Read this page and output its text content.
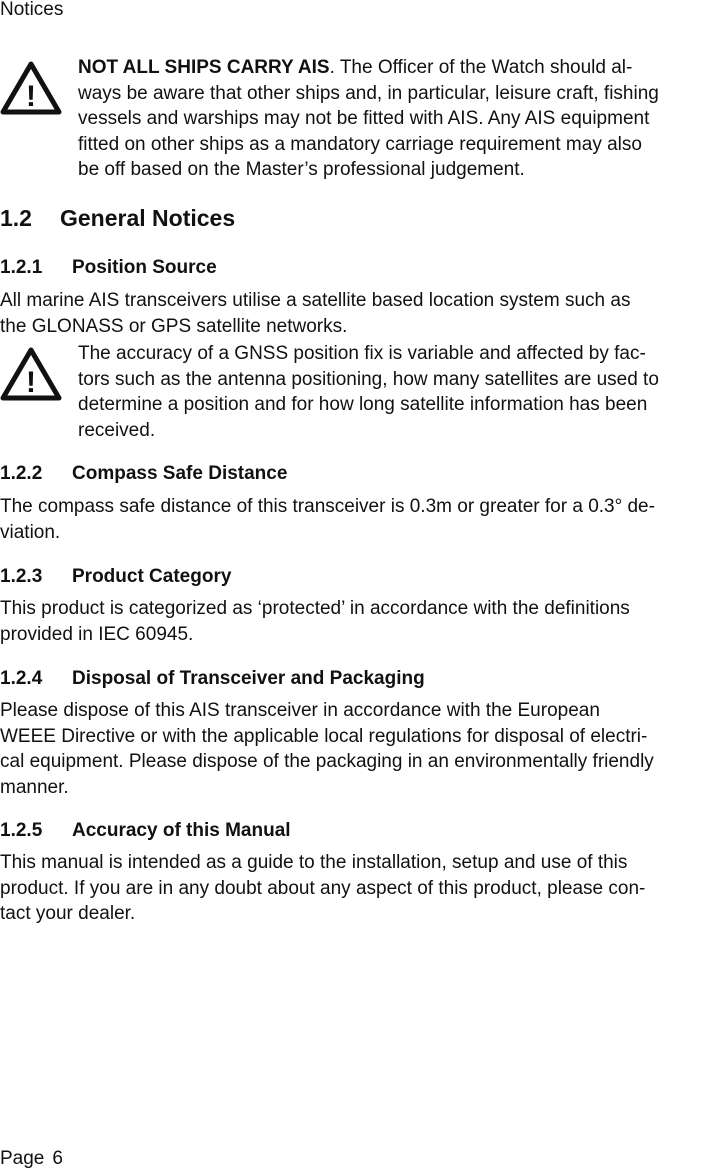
Notices
!
NOT ALL SHIPS CARRY AIS. The Officer of the Watch should al-
ways be aware that other ships and, in particular, leisure craft, fishing
vessels and warships may not be fitted with AIS. Any AIS equipment
fitted on other ships as a mandatory carriage requirement may also
be off based on the Master’s professional judgement.
1.2 General Notices
1.2.1 Position Source
All marine AIS transceivers utilise a satellite based location system such as
the GLONASS or GPS satellite networks.
!
The accuracy of a GNSS position fix is variable and affected by fac-
tors such as the antenna positioning, how many satellites are used to
determine a position and for how long satellite information has been
received.
1.2.2 Compass Safe Distance
The compass safe distance of this transceiver is 0.3m or greater for a 0.3° de-
viation.
1.2.3 Product Category
This product is categorized as ‘protected’ in accordance with the definitions
provided in IEC 60945.
1.2.4 Disposal of Transceiver and Packaging
Please dispose of this AIS transceiver in accordance with the European
WEEE Directive or with the applicable local regulations for disposal of electri-
cal equipment. Please dispose of the packaging in an environmentally friendly
manner.
1.2.5 Accuracy of this Manual
This manual is intended as a guide to the installation, setup and use of this
product. If you are in any doubt about any aspect of this product, please con-
tact your dealer.
Page 6
